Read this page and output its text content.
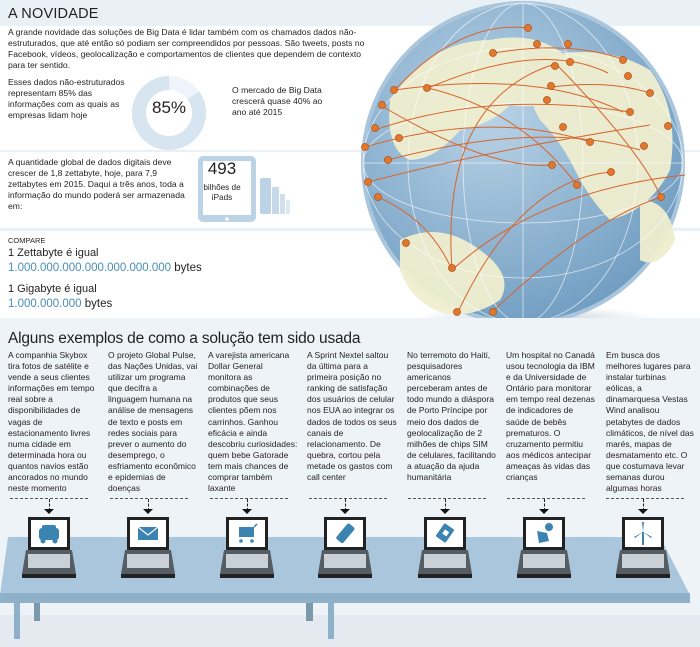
A NOVIDADE
A grande novidade das soluções de Big Data é lidar também com os chamados dados não-estruturados, que até então só podiam ser compreendidos por pessoas. São tweets, posts no Facebook, vídeos, geolocalização e comportamentos de clientes que dependem de contexto para ter sentido.
Esses dados não-estruturados representam 85% das informações com as quais as empresas lidam hoje	85%
O mercado de Big Data crescerá quase 40% ao ano até 2015
A quantidade global de dados digitais deve crescer de 1,8 zettabyte, hoje, para 7,9 zettabytes em 2015. Daqui a três anos, toda a informação do mundo poderá ser armazenada em:
493
bilhões de iPads
COMPARE
1 Zettabyte é igual
1.000.000.000.000.000.000.000 bytes
1 Gigabyte é igual
1.000.000.000 bytes
Alguns exemplos de como a solução tem sido usada
A companhia Skybox tira fotos de satélite e vende a seus clientes informações em tempo real sobre a disponibilidades de vagas de estacionamento livres numa cidade em determinada hora ou quantos navios estão ancorados no mundo neste momento
O projeto Global Pulse, das Nações Unidas, vai utilizar um programa que decifra a linguagem humana na análise de mensagens de texto e posts em redes sociais para prever o aumento do desemprego, o esfriamento econômico e epidemias de doenças
A varejista americana Dollar General monitora as combinações de produtos que seus clientes põem nos carrinhos. Ganhou eficácia e ainda descobriu curiosidades: quem bebe Gatorade tem mais chances de comprar também laxante
A Sprint Nextel saltou da última para a primeira posição no ranking de satisfação dos usuários de celular nos EUA ao integrar os dados de todos os seus canais de relacionamento. De quebra, cortou pela metade os gastos com call center
No terremoto do Haiti, pesquisadores americanos perceberam antes de todo mundo a diáspora de Porto Príncipe por meio dos dados de geolocalização de 2 milhões de chips SIM de celulares, facilitando a atuação da ajuda humanitária
Um hospital no Canadá usou tecnologia da IBM e da Universidade de Ontário para monitorar em tempo real dezenas de indicadores de saúde de bebês prematuros. O cruzamento permitiu aos médicos antecipar ameaças às vidas das crianças
Em busca dos melhores lugares para instalar turbinas eólicas, a dinamarquesa Vestas Wind analisou petabytes de dados climáticos, de nível das marés, mapas de desmatamento etc. O que costumava levar semanas durou algumas horas
